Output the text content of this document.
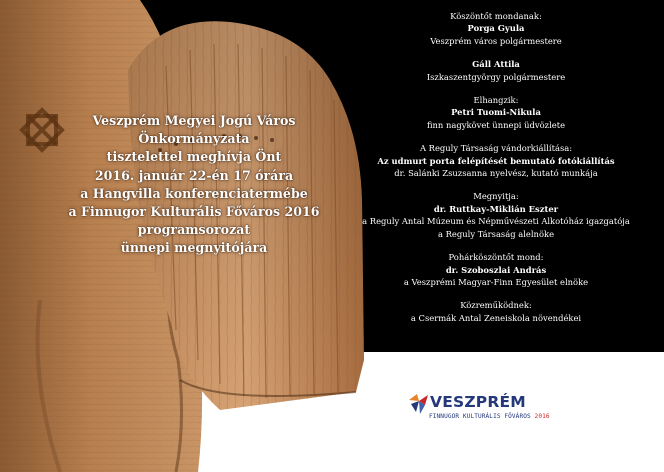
Veszprém Megyei Jogú Város
Önkormányzata
tisztelettel meghívja Önt
2016. január 22-én 17 órára
a Hangvilla konferenciatermébe
a Finnugor Kulturális Főváros 2016
programsorozat
ünnepi megnyitójára
Köszöntőt mondanak:
Porga Gyula
Veszprém város polgármestere
Gáll Attila
Iszkaszentgyörgy polgármestere
Elhangzik:
Petri Tuomi-Nikula
finn nagykövet ünnepi üdvözlete
A Reguly Társaság vándorkiállítása:
Az udmurt porta felépítését bemutató fotókiállítás
dr. Salánki Zsuzsanna nyelvész, kutató munkája
Megnyitja:
dr. Ruttkay-Miklián Eszter
a Reguly Antal Múzeum és Népművészeti Alkotóház igazgatója
a Reguly Társaság alelnöke
Pohárköszöntőt mond:
dr. Szoboszlai András
a Veszprémi Magyar-Finn Egyesület elnöke
Közreműködnek:
a Csermák Antal Zeneiskola növendékei
VESZPRÉM
FINNUGOR KULTURÁLIS FŐVÁROS 2016
